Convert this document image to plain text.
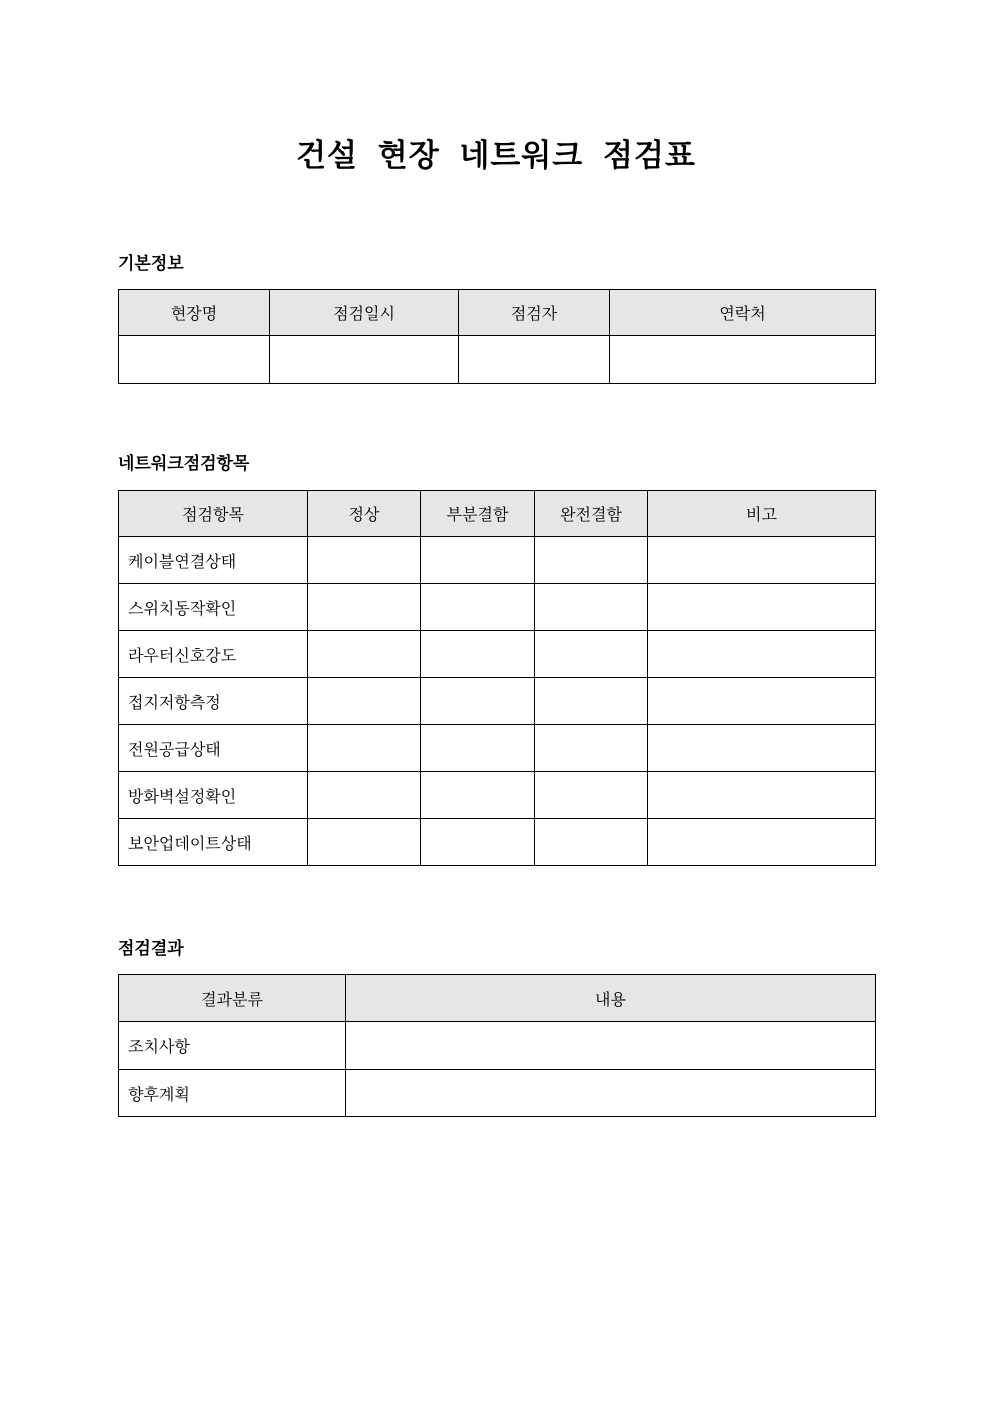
건설 현장 네트워크 점검표
기본정보
현장명	점검일시	점검자	연락처

네트워크점검항목
점검항목	정상	부분결함	완전결함	비고
케이블연결상태				
스위치동작확인				
라우터신호강도				
접지저항측정				
전원공급상태				
방화벽설정확인				
보안업데이트상태				
점검결과
결과분류	내용
조치사항	
향후계획	
